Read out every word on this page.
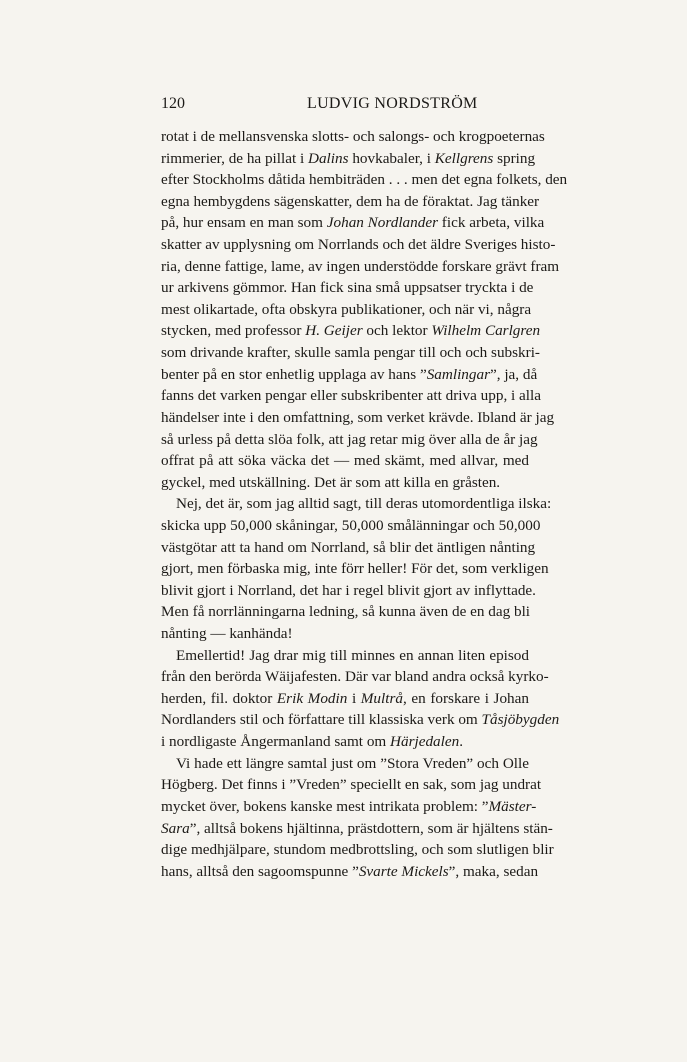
120	LUDVIG NORDSTRÖM
rotat i de mellansvenska slotts- och salongs- och krogpoeternas
rimmerier, de ha pillat i Dalins hovkabaler, i Kellgrens spring
efter Stockholms dåtida hembiträden . . . men det egna folkets, den
egna hembygdens sägenskatter, dem ha de föraktat. Jag tänker
på, hur ensam en man som Johan Nordlander fick arbeta, vilka
skatter av upplysning om Norrlands och det äldre Sveriges histo-
ria, denne fattige, lame, av ingen understödde forskare grävt fram
ur arkivens gömmor. Han fick sina små uppsatser tryckta i de
mest olikartade, ofta obskyra publikationer, och när vi, några
stycken, med professor H. Geijer och lektor Wilhelm Carlgren
som drivande krafter, skulle samla pengar till och och subskri-
benter på en stor enhetlig upplaga av hans ”Samlingar”, ja, då
fanns det varken pengar eller subskribenter att driva upp, i alla
händelser inte i den omfattning, som verket krävde. Ibland är jag
så urless på detta slöa folk, att jag retar mig över alla de år jag
offrat på att söka väcka det — med skämt, med allvar, med
gyckel, med utskällning. Det är som att killa en gråsten.
Nej, det är, som jag alltid sagt, till deras utomordentliga ilska:
skicka upp 50,000 skåningar, 50,000 smålänningar och 50,000
västgötar att ta hand om Norrland, så blir det äntligen nånting
gjort, men förbaska mig, inte förr heller! För det, som verkligen
blivit gjort i Norrland, det har i regel blivit gjort av inflyttade.
Men få norrlänningarna ledning, så kunna även de en dag bli
nånting — kanhända!
Emellertid! Jag drar mig till minnes en annan liten episod
från den berörda Wäijafesten. Där var bland andra också kyrko-
herden, fil. doktor Erik Modin i Multrå, en forskare i Johan
Nordlanders stil och författare till klassiska verk om Tåsjöbygden
i nordligaste Ångermanland samt om Härjedalen.
Vi hade ett längre samtal just om ”Stora Vreden” och Olle
Högberg. Det finns i ”Vreden” speciellt en sak, som jag undrat
mycket över, bokens kanske mest intrikata problem: ”Mäster-
Sara”, alltså bokens hjältinna, prästdottern, som är hjältens stän-
dige medhjälpare, stundom medbrottsling, och som slutligen blir
hans, alltså den sagoomspunne ”Svarte Mickels”, maka, sedan
